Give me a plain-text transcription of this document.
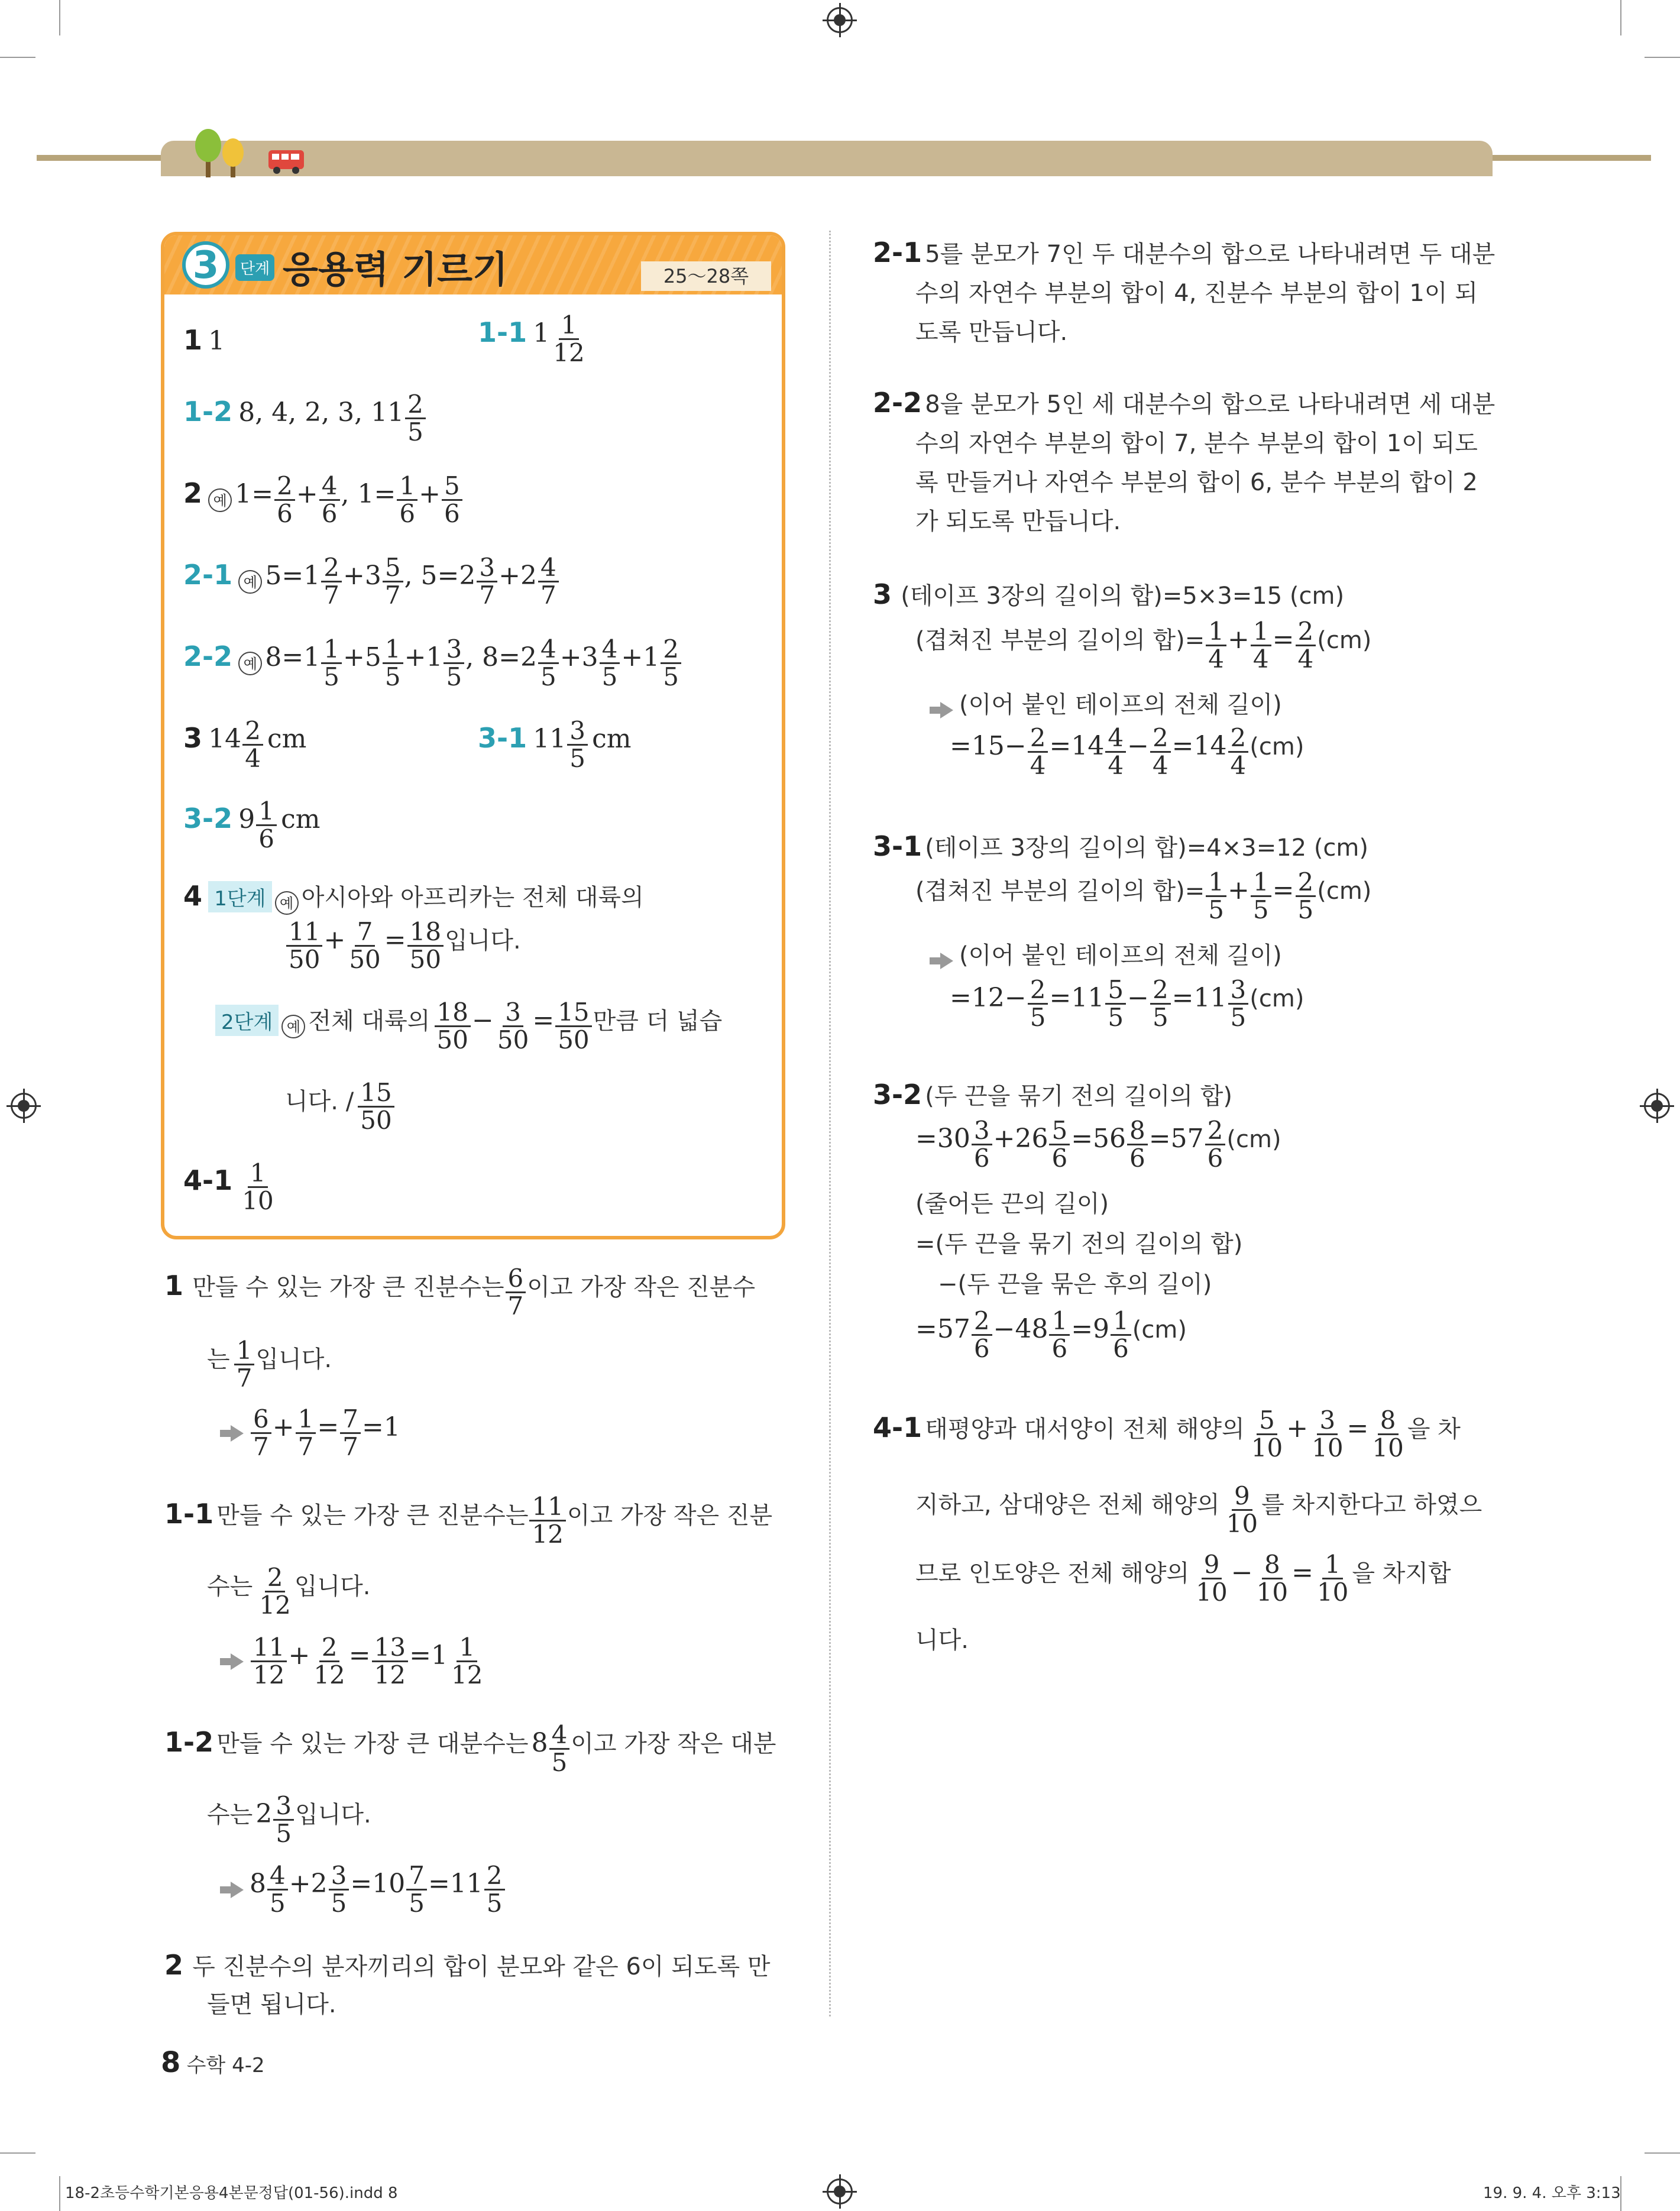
3	단계 응용력 기르기	25～28쪽
1 1	1-1 $1 \frac{1}{12}$
1-2 8, 4, 2, 3, $11 \frac{2}{5}$
2 예 $1= \frac{2}{6} + \frac{4}{6}$ , $1= \frac{1}{6} + \frac{5}{6}$
2-1 예 $5=1 \frac{2}{7} +3 \frac{5}{7}$ , $5=2 \frac{3}{7} +2 \frac{4}{7}$
2-2 예 $8=1 \frac{1}{5} +5 \frac{1}{5} +1 \frac{3}{5}$ , $8=2 \frac{4}{5} +3 \frac{4}{5} +1 \frac{2}{5}$
3 $14 \frac{2}{4}$ cm	3-1 $11 \frac{3}{5}$ cm
3-2 $9 \frac{1}{6}$ cm
4 1단계 예 아시아와 아프리카는 전체 대륙의
$\frac{11}{50} + \frac{7}{50} = \frac{18}{50}$ 입니다.
2단계 예 전체 대륙의 $\frac{18}{50} - \frac{3}{50} = \frac{15}{50}$ 만큼 더 넓습
니다. / $\frac{15}{50}$
$4-1 \frac{1}{10}$
1 만들 수 있는 가장 큰 진분수는 $\frac{6}{7}$ 이고 가장 작은 진분수
는 $\frac{1}{7}$ 입니다.
$\frac{6}{7} + \frac{1}{7} = \frac{7}{7} =1$
1-1 만들 수 있는 가장 큰 진분수는 $\frac{11}{12}$ 이고 가장 작은 진분
수는 $\frac{2}{12}$ 입니다.
$\frac{11}{12} + \frac{2}{12} = \frac{13}{12} =1 \frac{1}{12}$
1-2 만들 수 있는 가장 큰 대분수는 $8 \frac{4}{5}$ 이고 가장 작은 대분
수는 $2 \frac{3}{5}$ 입니다.
$8 \frac{4}{5} +2 \frac{3}{5} =10 \frac{7}{5} =11 \frac{2}{5}$
2 두 진분수의 분자끼리의 합이 분모와 같은 6이 되도록 만
들면 됩니다.
2-1 5를 분모가 7인 두 대분수의 합으로 나타내려면 두 대분
수의 자연수 부분의 합이 4, 진분수 부분의 합이 1이 되
도록 만듭니다.
2-2 8을 분모가 5인 세 대분수의 합으로 나타내려면 세 대분
수의 자연수 부분의 합이 7, 분수 부분의 합이 1이 되도
록 만들거나 자연수 부분의 합이 6, 분수 부분의 합이 2
가 되도록 만듭니다.
3 (테이프 3장의 길이의 합)=5×3=15 (cm)
(겹쳐진 부분의 길이의 합)= $\frac{1}{4} + \frac{1}{4} = \frac{2}{4} (cm)$
(이어 붙인 테이프의 전체 길이)
$=15- \frac{2}{4} =14 \frac{4}{4} - \frac{2}{4} =14 \frac{2}{4} (cm)$
3-1 (테이프 3장의 길이의 합)=4×3=12 (cm)
(겹쳐진 부분의 길이의 합)= $\frac{1}{5} + \frac{1}{5} = \frac{2}{5} (cm)$
(이어 붙인 테이프의 전체 길이)
$=12- \frac{2}{5} =11 \frac{5}{5} - \frac{2}{5} =11 \frac{3}{5} (cm)$
3-2 (두 끈을 묶기 전의 길이의 합)
$=30 \frac{3}{6} +26 \frac{5}{6} =56 \frac{8}{6} =57 \frac{2}{6} (cm)$
(줄어든 끈의 길이)
=(두 끈을 묶기 전의 길이의 합)
−(두 끈을 묶은 후의 길이)
$=57 \frac{2}{6} -48 \frac{1}{6} =9 \frac{1}{6} (cm)$
4-1 태평양과 대서양이 전체 해양의 $\frac{5}{10} + \frac{3}{10} = \frac{8}{10}$ 을 차
지하고, 삼대양은 전체 해양의 $\frac{9}{10}$ 를 차지한다고 하였으
므로 인도양은 전체 해양의 $\frac{9}{10} - \frac{8}{10} = \frac{1}{10}$ 을 차지합
니다.
8 수학 4-2
18-2초등수학기본응용4본문정답(01-56).indd 8	19. 9. 4. 오후 3:13
